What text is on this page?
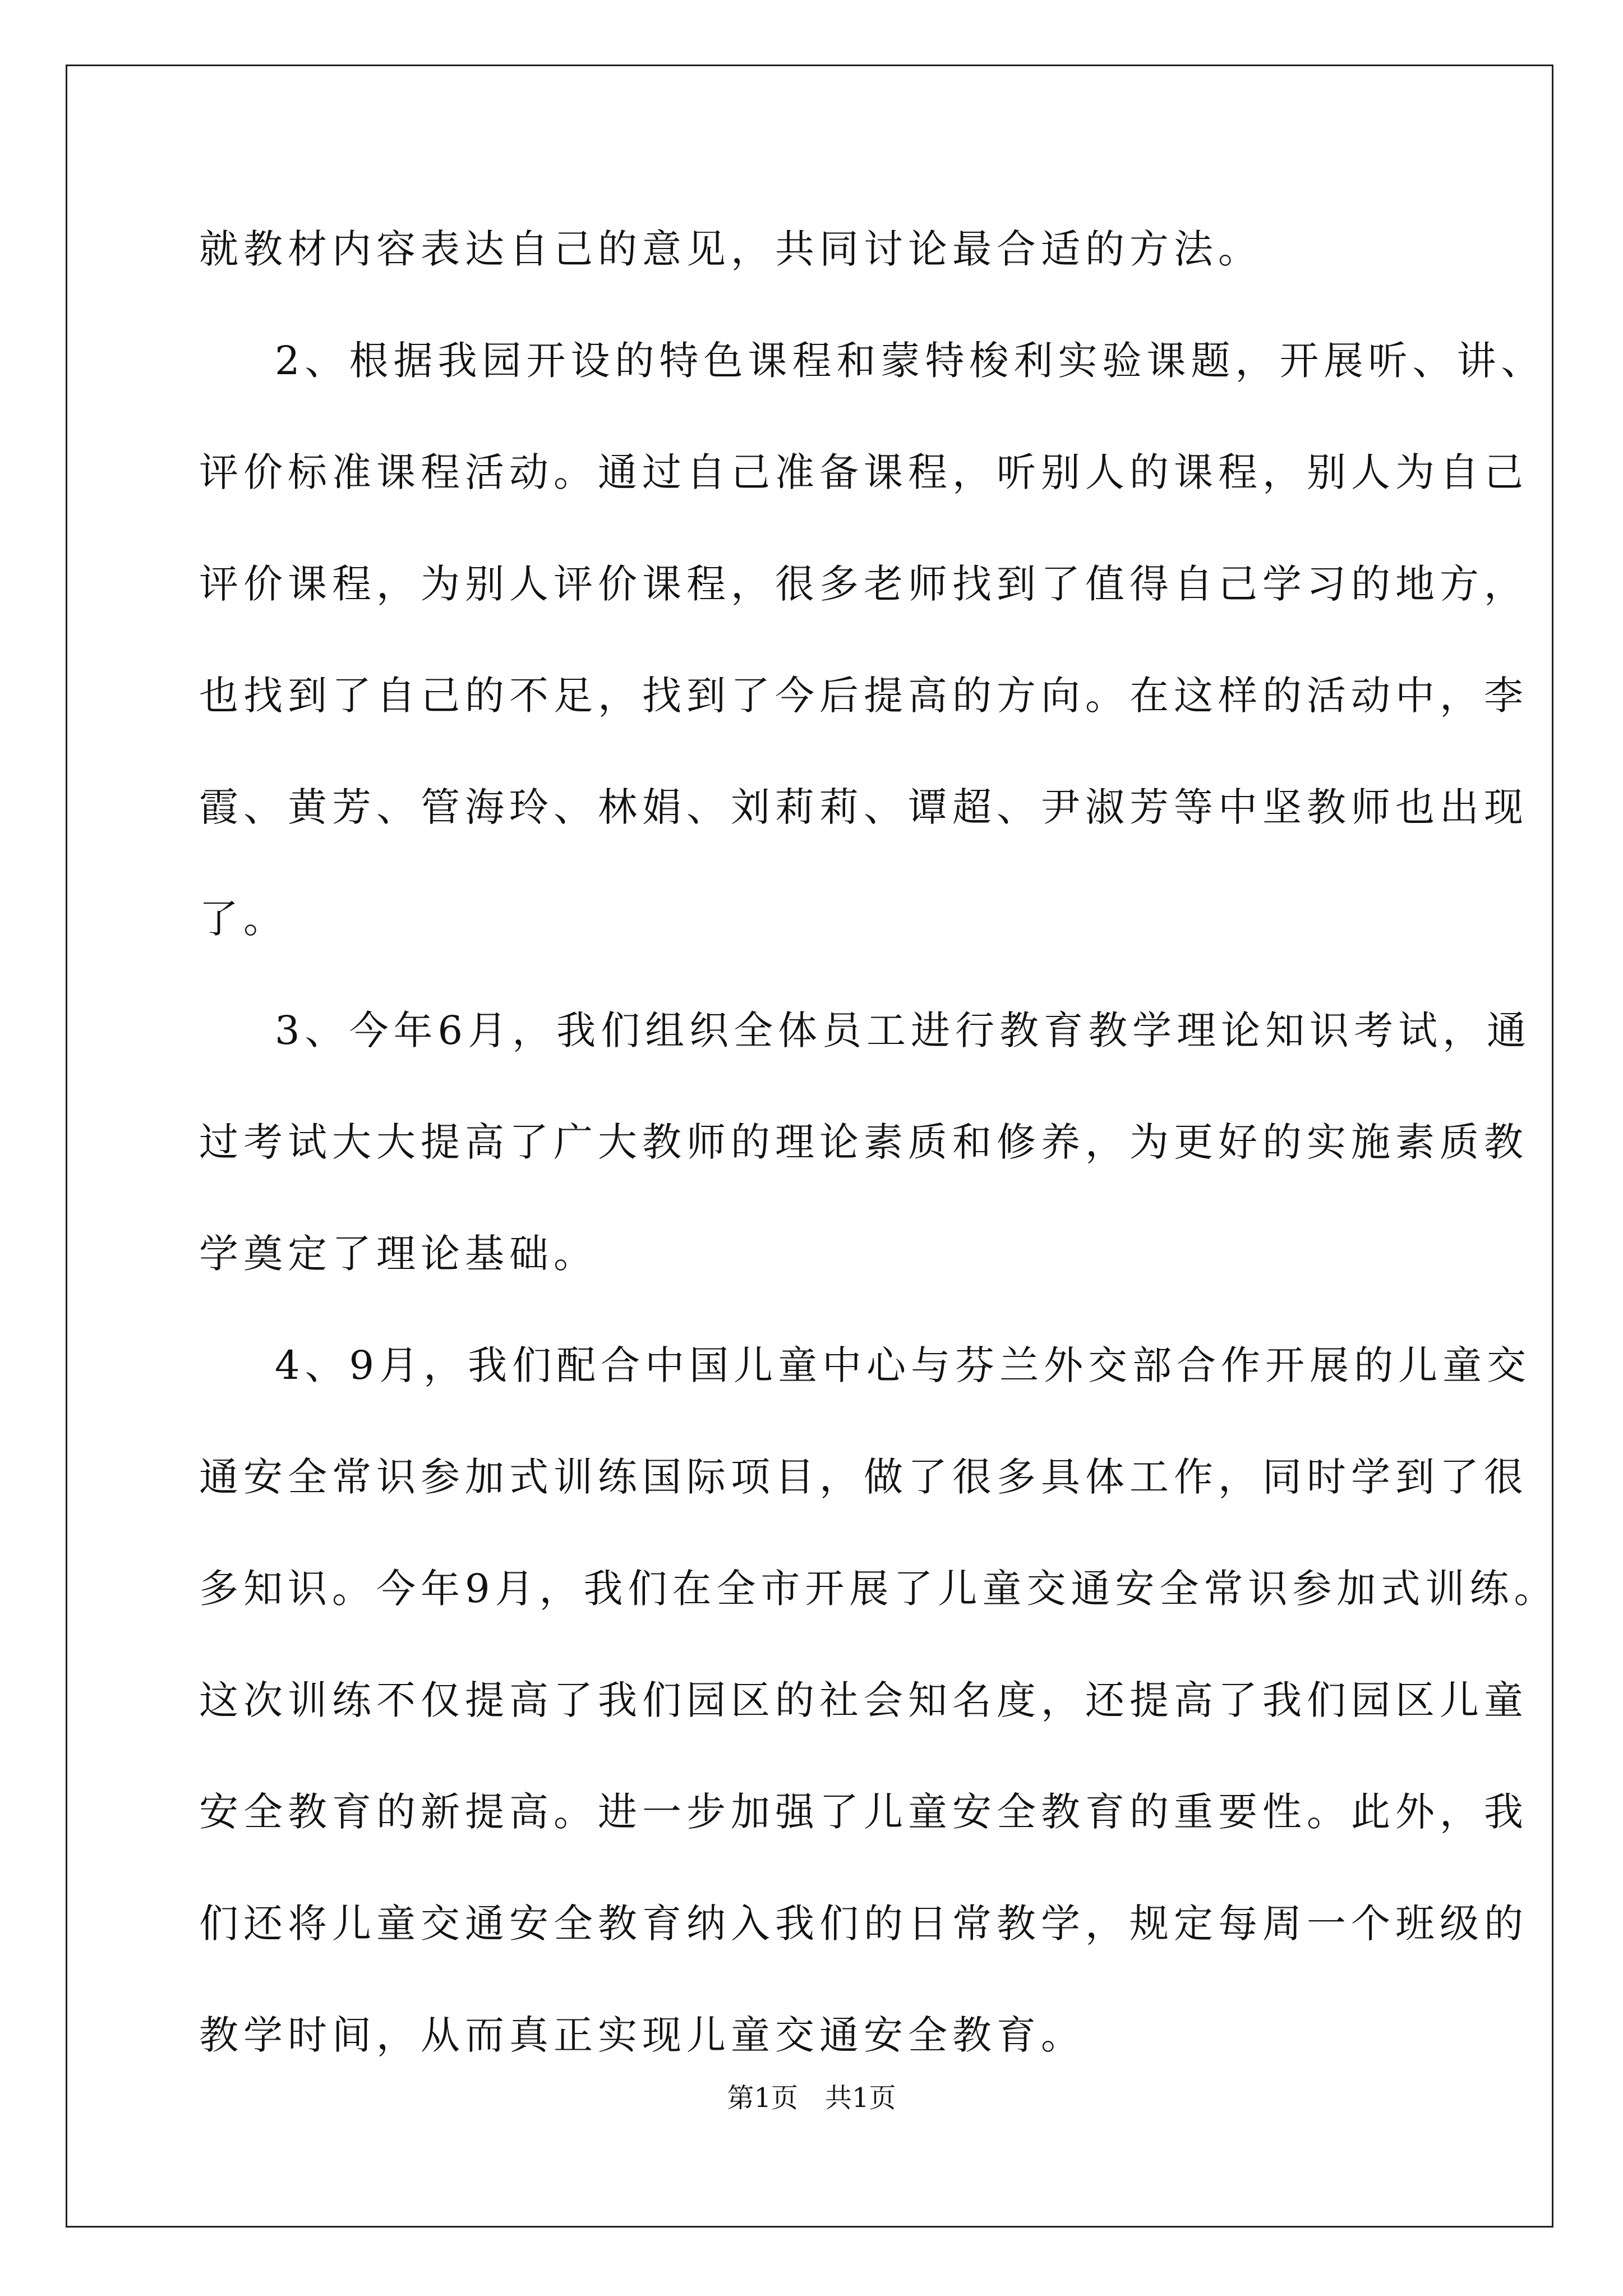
就教材内容表达自己的意见，共同讨论最合适的方法。
2、根据我园开设的特色课程和蒙特梭利实验课题，开展听、讲、
评价标准课程活动。通过自己准备课程，听别人的课程，别人为自己
评价课程，为别人评价课程，很多老师找到了值得自己学习的地方，
也找到了自己的不足，找到了今后提高的方向。在这样的活动中，李
霞、黄芳、管海玲、林娟、刘莉莉、谭超、尹淑芳等中坚教师也出现
了。
3、今年6月，我们组织全体员工进行教育教学理论知识考试，通
过考试大大提高了广大教师的理论素质和修养，为更好的实施素质教
学奠定了理论基础。
4、9月，我们配合中国儿童中心与芬兰外交部合作开展的儿童交
通安全常识参加式训练国际项目，做了很多具体工作，同时学到了很
多知识。今年9月，我们在全市开展了儿童交通安全常识参加式训练。
这次训练不仅提高了我们园区的社会知名度，还提高了我们园区儿童
安全教育的新提高。进一步加强了儿童安全教育的重要性。此外，我
们还将儿童交通安全教育纳入我们的日常教学，规定每周一个班级的
教学时间，从而真正实现儿童交通安全教育。
第1页　共1页
